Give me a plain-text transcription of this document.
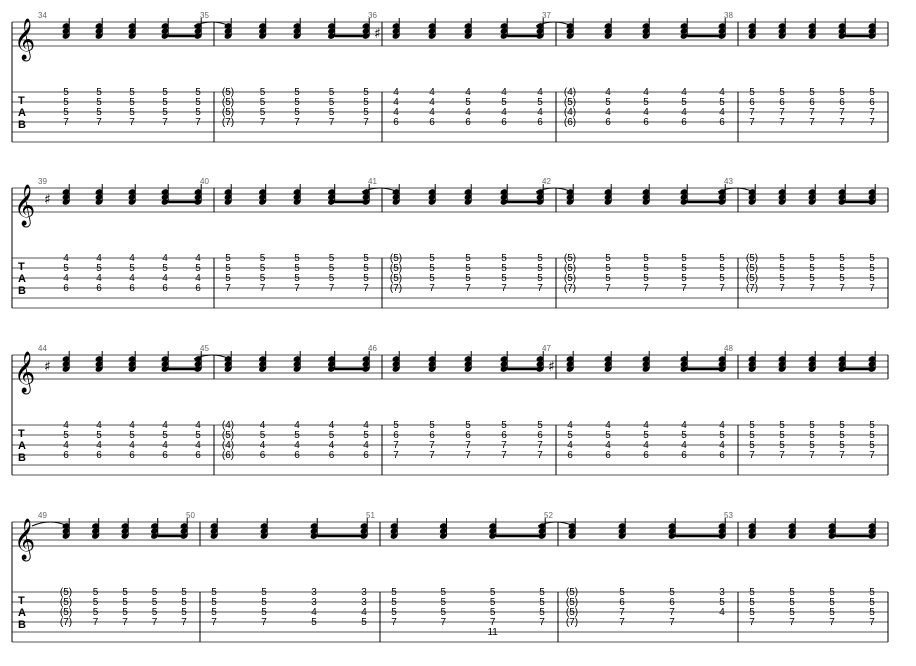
𝄞
T
A
B
34
5
5
5
7
5
5
5
7
5
5
5
7
5
5
5
7
5
5
5
7
35
(5)
(5)
(5)
(7)
5
5
5
7
5
5
5
7
5
5
5
7
5
5
5
7
36
♯
4
4
4
6
4
4
4
6
4
5
4
6
4
5
4
6
4
5
4
6
37
(4)
(5)
(4)
(6)
4
5
4
6
4
5
4
6
4
5
4
6
4
5
4
6
38
5
6
7
7
5
6
7
7
5
6
7
7
5
6
7
7
5
6
7
7
𝄞
T
A
B
39
♯
4
5
4
6
4
5
4
6
4
5
4
6
4
5
4
6
4
5
4
6
40
5
5
5
7
5
5
5
7
5
5
5
7
5
5
5
7
5
5
5
7
41
(5)
(5)
(5)
(7)
5
5
5
7
5
5
5
7
5
5
5
7
5
5
5
7
42
(5)
(5)
(5)
(7)
5
5
5
7
5
5
5
7
5
5
5
7
5
5
5
7
43
(5)
(5)
(5)
(7)
5
5
5
7
5
5
5
7
5
5
5
7
5
5
5
7
𝄞
T
A
B
44
♯
4
5
4
6
4
5
4
6
4
5
4
6
4
5
4
6
4
5
4
6
45
(4)
(5)
(4)
(6)
4
5
4
6
4
5
4
6
4
5
4
6
4
5
4
6
46
5
6
7
7
5
6
7
7
5
6
7
7
5
6
7
7
5
6
7
7
47
♯
4
5
4
6
4
5
4
6
4
5
4
6
4
5
4
6
4
5
4
6
48
5
5
5
7
5
5
5
7
5
5
5
7
5
5
5
7
5
5
5
7
𝄞
T
A
B
49
(5)
(5)
(5)
(7)
5
5
5
7
5
5
5
7
5
5
5
7
5
5
5
7
50
5
5
5
7
5
5
5
7
3
3
4
5
3
3
4
5
51
5
5
5
7
5
5
5
7
5
5
5
7
11
5
5
5
7
52
(5)
(5)
(5)
(7)
5
6
7
7
5
6
7
7
3
5
4
53
5
5
5
7
5
5
5
7
5
5
5
7
5
5
5
7
